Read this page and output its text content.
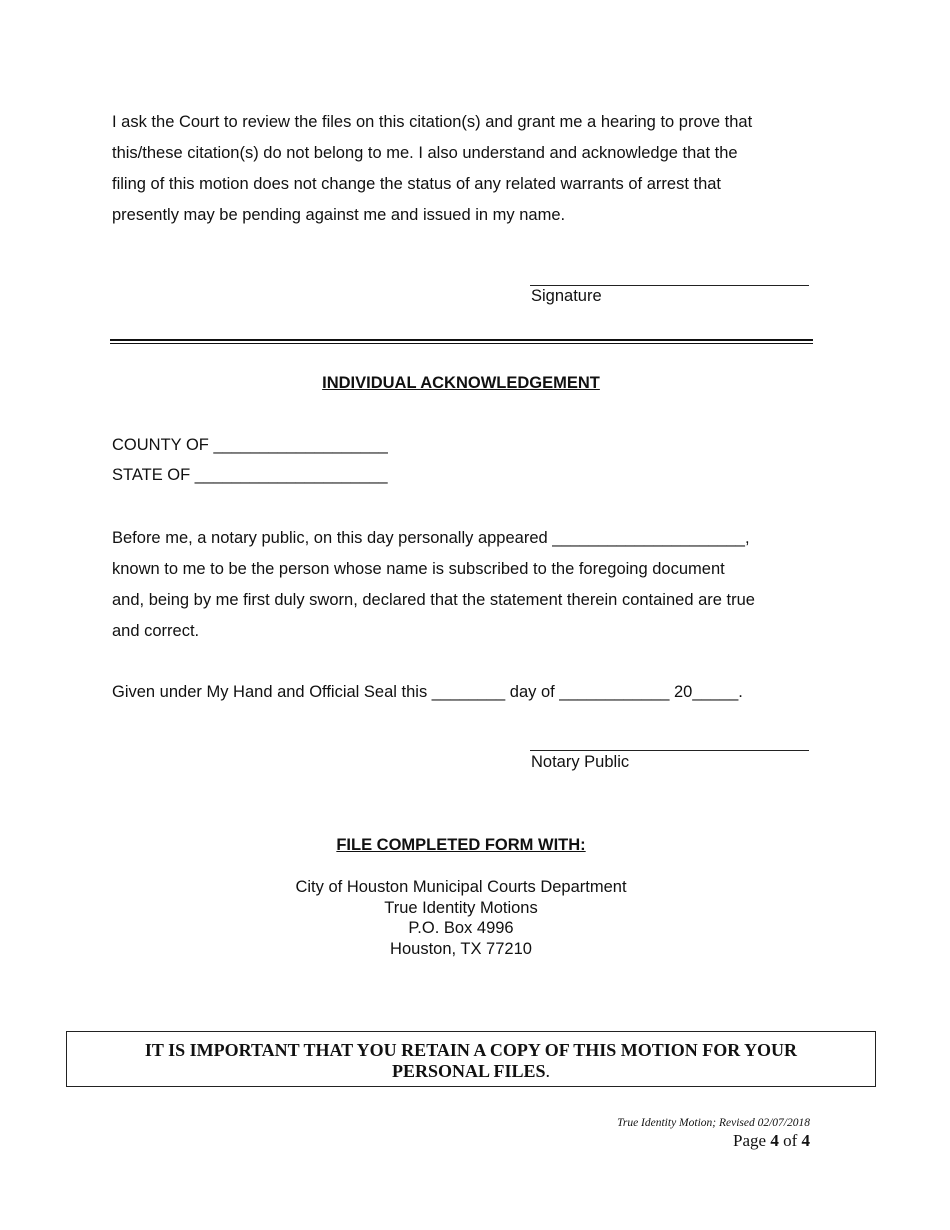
I ask the Court to review the files on this citation(s) and grant me a hearing to prove that
this/these citation(s) do not belong to me. I also understand and acknowledge that the
filing of this motion does not change the status of any related warrants of arrest that
presently may be pending against me and issued in my name.
Signature
INDIVIDUAL ACKNOWLEDGEMENT
COUNTY OF ___________________
STATE OF _____________________
Before me, a notary public, on this day personally appeared _____________________,
known to me to be the person whose name is subscribed to the foregoing document
and, being by me first duly sworn, declared that the statement therein contained are true
and correct.
Given under My Hand and Official Seal this ________ day of ____________ 20_____.
Notary Public
FILE COMPLETED FORM WITH:
City of Houston Municipal Courts Department
True Identity Motions
P.O. Box 4996
Houston, TX 77210
IT IS IMPORTANT THAT YOU RETAIN A COPY OF THIS MOTION FOR YOUR
PERSONAL FILES.
True Identity Motion; Revised 02/07/2018
Page 4 of 4
